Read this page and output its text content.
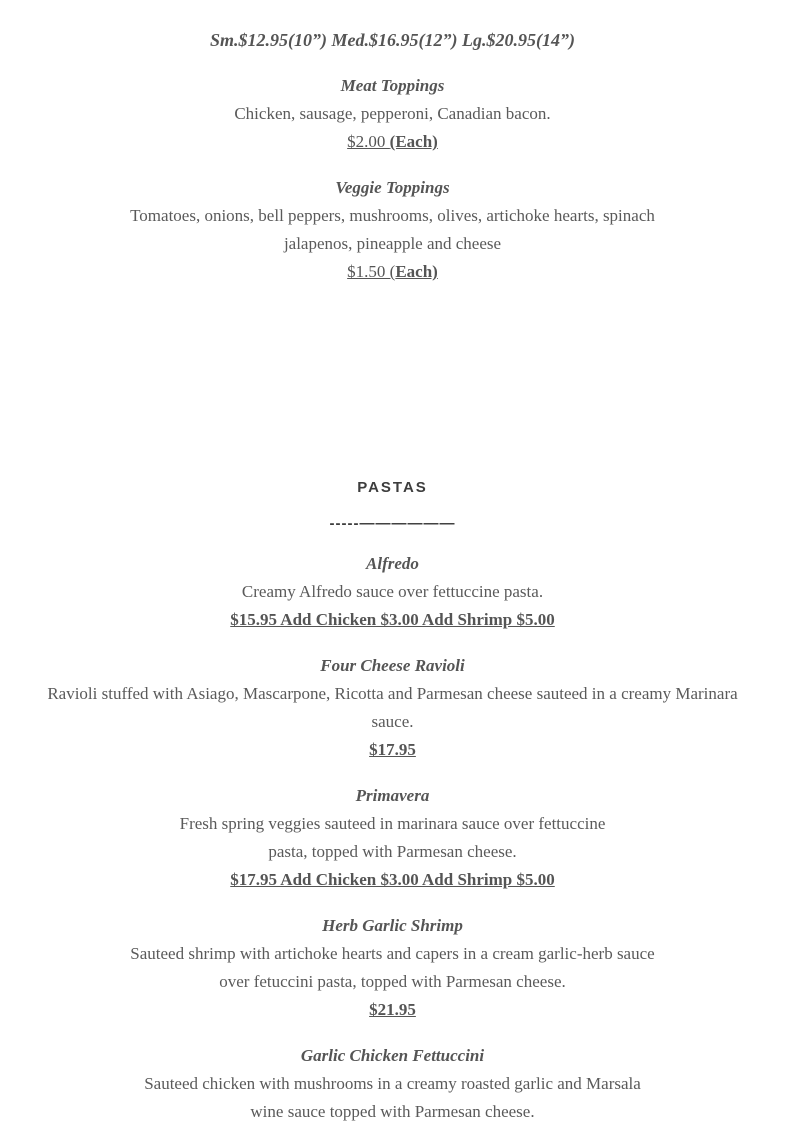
Sm.$12.95(10”) Med.$16.95(12”) Lg.$20.95(14”)
Meat Toppings
Chicken, sausage, pepperoni, Canadian bacon.
$2.00 (Each)
Veggie Toppings
Tomatoes, onions, bell peppers, mushrooms, olives, artichoke hearts, spinach
jalapenos, pineapple and cheese
$1.50 (Each)
PASTAS
-----——————
Alfredo
Creamy Alfredo sauce over fettuccine pasta.
$15.95 Add Chicken $3.00 Add Shrimp $5.00
Four Cheese Ravioli
Ravioli stuffed with Asiago, Mascarpone, Ricotta and Parmesan cheese sauteed in a creamy Marinara
sauce.
$17.95
Primavera
Fresh spring veggies sauteed in marinara sauce over fettuccine
pasta, topped with Parmesan cheese.
$17.95 Add Chicken $3.00 Add Shrimp $5.00
Herb Garlic Shrimp
Sauteed shrimp with artichoke hearts and capers in a cream garlic-herb sauce
over fetuccini pasta, topped with Parmesan cheese.
$21.95
Garlic Chicken Fettuccini
Sauteed chicken with mushrooms in a creamy roasted garlic and Marsala
wine sauce topped with Parmesan cheese.
